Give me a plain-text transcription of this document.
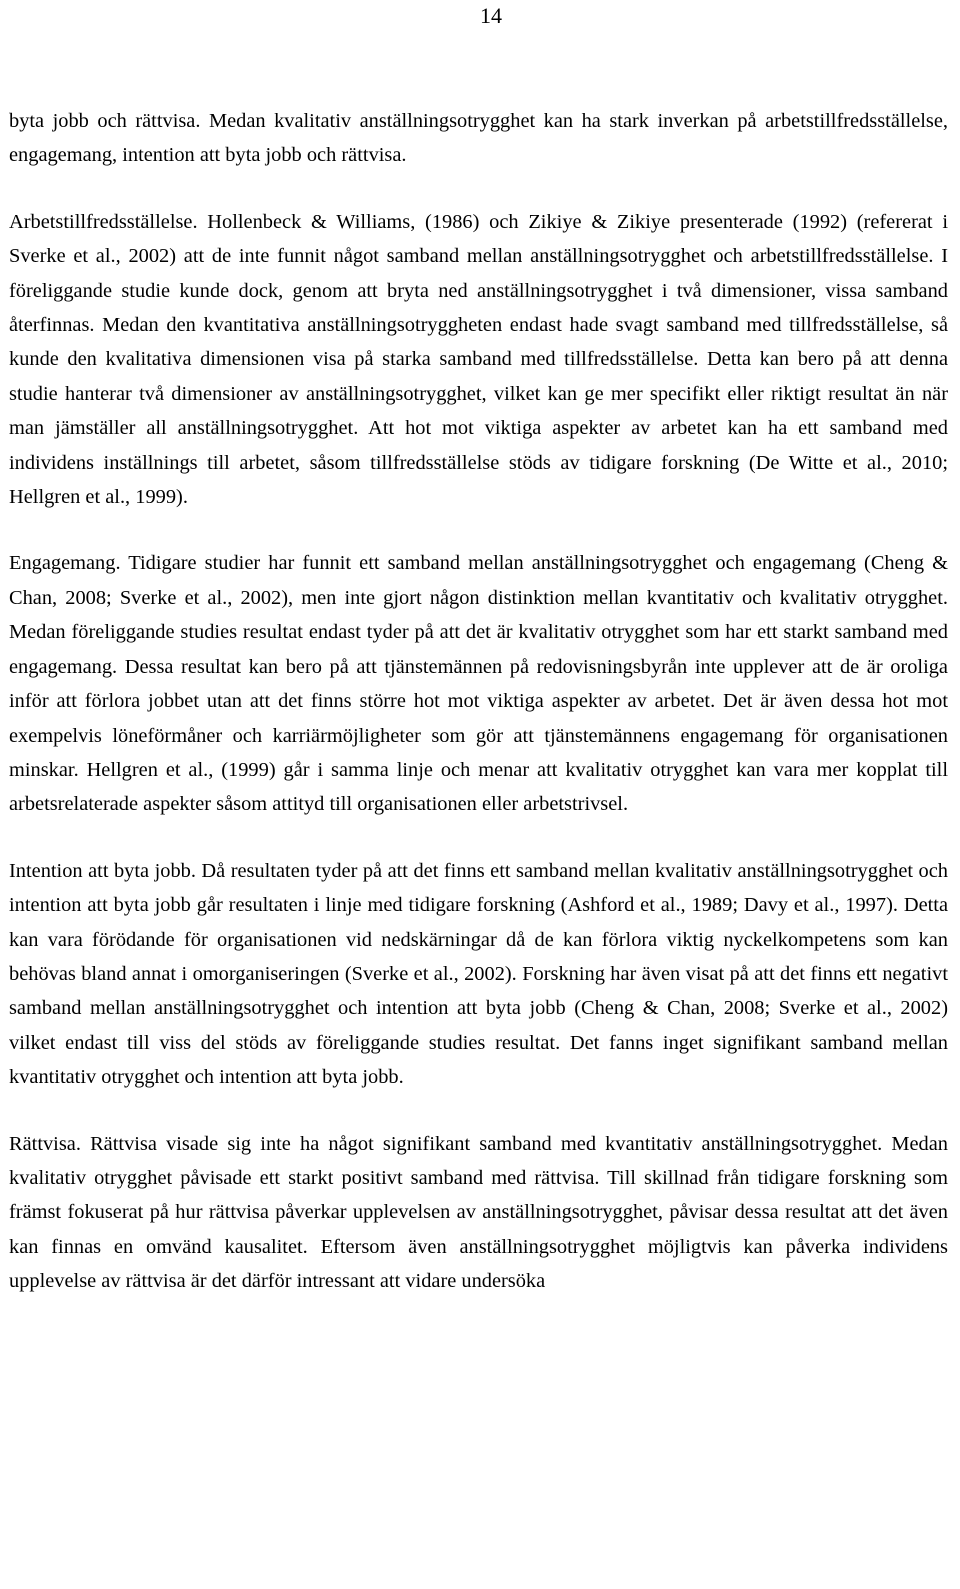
14

byta jobb och rättvisa. Medan kvalitativ anställningsotrygghet kan ha stark inverkan på arbetstillfredsställelse, engagemang, intention att byta jobb och rättvisa.

Arbetstillfredsställelse. Hollenbeck & Williams, (1986) och Zikiye & Zikiye presenterade (1992) (refererat i Sverke et al., 2002) att de inte funnit något samband mellan anställningsotrygghet och arbetstillfredsställelse. I föreliggande studie kunde dock, genom att bryta ned anställningsotrygghet i två dimensioner, vissa samband återfinnas. Medan den kvantitativa anställningsotryggheten endast hade svagt samband med tillfredsställelse, så kunde den kvalitativa dimensionen visa på starka samband med tillfredsställelse. Detta kan bero på att denna studie hanterar två dimensioner av anställningsotrygghet, vilket kan ge mer specifikt eller riktigt resultat än när man jämställer all anställningsotrygghet. Att hot mot viktiga aspekter av arbetet kan ha ett samband med individens inställnings till arbetet, såsom tillfredsställelse stöds av tidigare forskning (De Witte et al., 2010; Hellgren et al., 1999).

Engagemang. Tidigare studier har funnit ett samband mellan anställningsotrygghet och engagemang (Cheng & Chan, 2008; Sverke et al., 2002), men inte gjort någon distinktion mellan kvantitativ och kvalitativ otrygghet. Medan föreliggande studies resultat endast tyder på att det är kvalitativ otrygghet som har ett starkt samband med engagemang. Dessa resultat kan bero på att tjänstemännen på redovisningsbyrån inte upplever att de är oroliga inför att förlora jobbet utan att det finns större hot mot viktiga aspekter av arbetet. Det är även dessa hot mot exempelvis löneförmåner och karriärmöjligheter som gör att tjänstemännens engagemang för organisationen minskar. Hellgren et al., (1999) går i samma linje och menar att kvalitativ otrygghet kan vara mer kopplat till arbetsrelaterade aspekter såsom attityd till organisationen eller arbetstrivsel.

Intention att byta jobb. Då resultaten tyder på att det finns ett samband mellan kvalitativ anställningsotrygghet och intention att byta jobb går resultaten i linje med tidigare forskning (Ashford et al., 1989; Davy et al., 1997). Detta kan vara förödande för organisationen vid nedskärningar då de kan förlora viktig nyckelkompetens som kan behövas bland annat i omorganiseringen (Sverke et al., 2002). Forskning har även visat på att det finns ett negativt samband mellan anställningsotrygghet och intention att byta jobb (Cheng & Chan, 2008; Sverke et al., 2002) vilket endast till viss del stöds av föreliggande studies resultat. Det fanns inget signifikant samband mellan kvantitativ otrygghet och intention att byta jobb.

Rättvisa. Rättvisa visade sig inte ha något signifikant samband med kvantitativ anställningsotrygghet. Medan kvalitativ otrygghet påvisade ett starkt positivt samband med rättvisa. Till skillnad från tidigare forskning som främst fokuserat på hur rättvisa påverkar upplevelsen av anställningsotrygghet, påvisar dessa resultat att det även kan finnas en omvänd kausalitet. Eftersom även anställningsotrygghet möjligtvis kan påverka individens upplevelse av rättvisa är det därför intressant att vidare undersöka
